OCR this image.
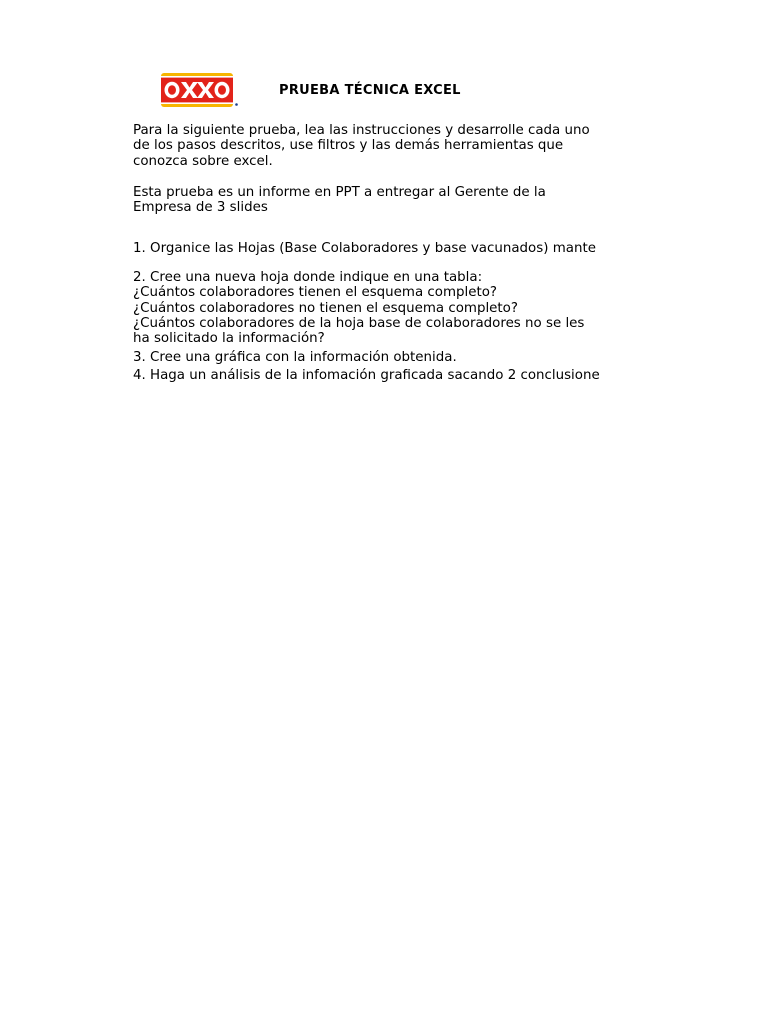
PRUEBA TÉCNICA EXCEL
Para la siguiente prueba, lea las instrucciones y desarrolle cada uno
de los pasos descritos, use filtros y las demás herramientas que
conozca sobre excel.
Esta prueba es un informe en PPT a entregar al Gerente de la
Empresa de 3 slides
1. Organice las Hojas (Base Colaboradores y base vacunados) mante
2. Cree una nueva hoja donde indique en una tabla:
¿Cuántos colaboradores tienen el esquema completo?
¿Cuántos colaboradores no tienen el esquema completo?
¿Cuántos colaboradores de la hoja base de colaboradores no se les
ha solicitado la información?
3. Cree una gráfica con la información obtenida.
4. Haga un análisis de la infomación graficada sacando 2 conclusione
